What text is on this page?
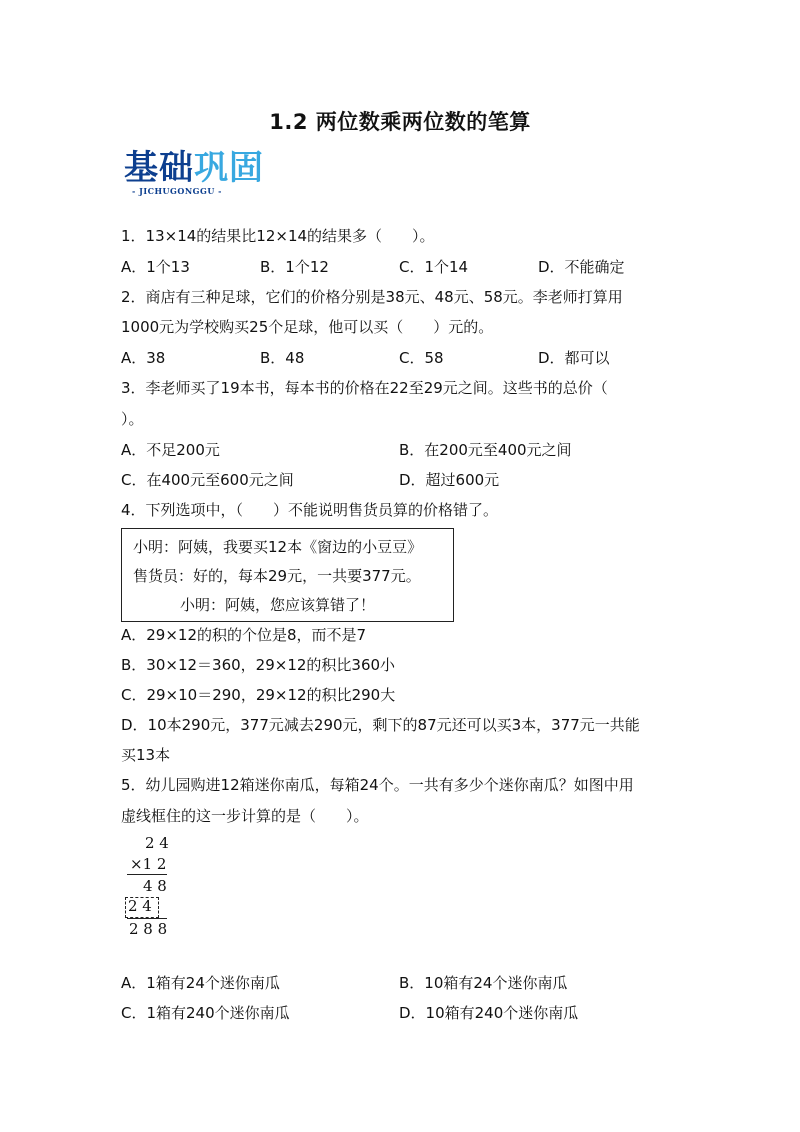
1.2 两位数乘两位数的笔算
基础巩固
- JICHUGONGGU -
1．13×14的结果比12×14的结果多（　　）。
A．1个13	B．1个12	C．1个14	D．不能确定
2．商店有三种足球，它们的价格分别是38元、48元、58元。李老师打算用
1000元为学校购买25个足球，他可以买（　　）元的。
A．38	B．48	C．58	D．都可以
3．李老师买了19本书，每本书的价格在22至29元之间。这些书的总价（
）。
A．不足200元	B．在200元至400元之间
C．在400元至600元之间	D．超过600元
4．下列选项中，（　　）不能说明售货员算的价格错了。
小明：阿姨，我要买12本《窗边的小豆豆》
售货员：好的，每本29元，一共要377元。
小明：阿姨，您应该算错了！
A．29×12的积的个位是8，而不是7
B．30×12＝360，29×12的积比360小
C．29×10＝290，29×12的积比290大
D．10本290元，377元减去290元，剩下的87元还可以买3本，377元一共能
买13本
5．幼儿园购进12箱迷你南瓜，每箱24个。一共有多少个迷你南瓜？如图中用
虚线框住的这一步计算的是（　　）。
2 4
×1 2
4 8
2 4
2 8 8
A．1箱有24个迷你南瓜	B．10箱有24个迷你南瓜
C．1箱有240个迷你南瓜	D．10箱有240个迷你南瓜
